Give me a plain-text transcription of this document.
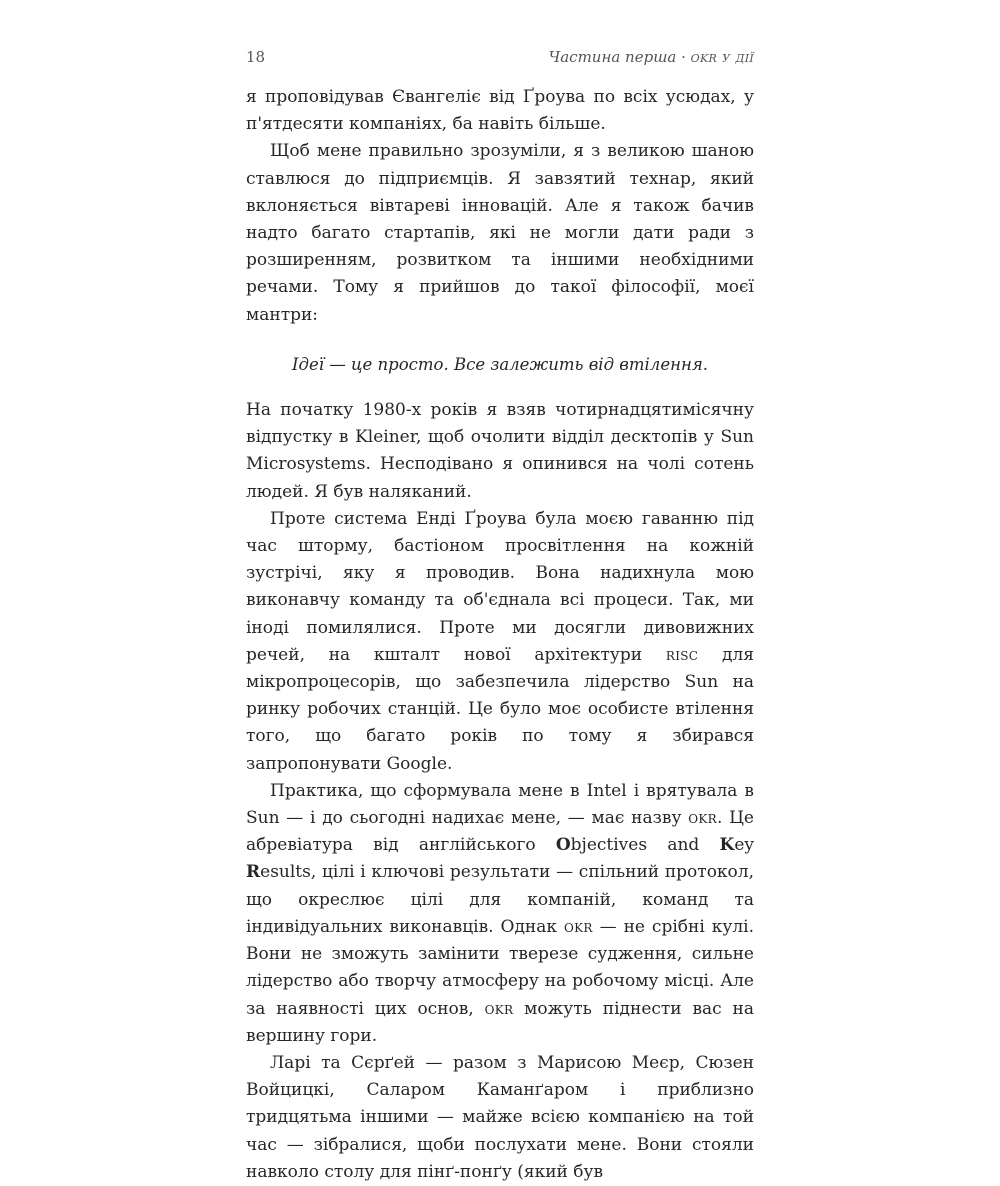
18	Частина перша · okr у дії

я проповідував Євангеліє від Ґроува по всіх усюдах, у п'ятдесяти компаніях, ба навіть більше.

Щоб мене правильно зрозуміли, я з великою шаною ставлюся до підприємців. Я завзятий технар, який вклоняється вівтареві інновацій. Але я також бачив надто багато стартапів, які не могли дати ради з розширенням, розвитком та іншими необхідними речами. Тому я прийшов до такої філософії, моєї мантри:

Ідеї — це просто. Все залежить від втілення.

На початку 1980-х років я взяв чотирнадцятимісячну відпустку в Kleiner, щоб очолити відділ десктопів у Sun Microsystems. Несподівано я опинився на чолі сотень людей. Я був наляканий.

Проте система Енді Ґроува була моєю гаванню під час шторму, бастіоном просвітлення на кожній зустрічі, яку я проводив. Вона надихнула мою виконавчу команду та об'єднала всі процеси. Так, ми іноді помилялися. Проте ми досягли дивовижних речей, на кшталт нової архітектури risc для мікропроцесорів, що забезпечила лідерство Sun на ринку робочих станцій. Це було моє особисте втілення того, що багато років по тому я збирався запропонувати Google.

Практика, що сформувала мене в Intel і врятувала в Sun — і до сьогодні надихає мене, — має назву okr. Це абревіатура від англійського Objectives and Key Results, цілі і ключові результати — спільний протокол, що окреслює цілі для компаній, команд та індивідуальних виконавців. Однак okr — не срібні кулі. Вони не зможуть замінити тверезе судження, сильне лідерство або творчу атмосферу на робочому місці. Але за наявності цих основ, okr можуть піднести вас на вершину гори.

Ларі та Сєрґей — разом з Марисою Меєр, Сюзен Войцицкі, Саларом Каманґаром і приблизно тридцятьма іншими — майже всією компанією на той час — зібралися, щоби послухати мене. Вони стояли навколо столу для пінґ-понґу (який був
